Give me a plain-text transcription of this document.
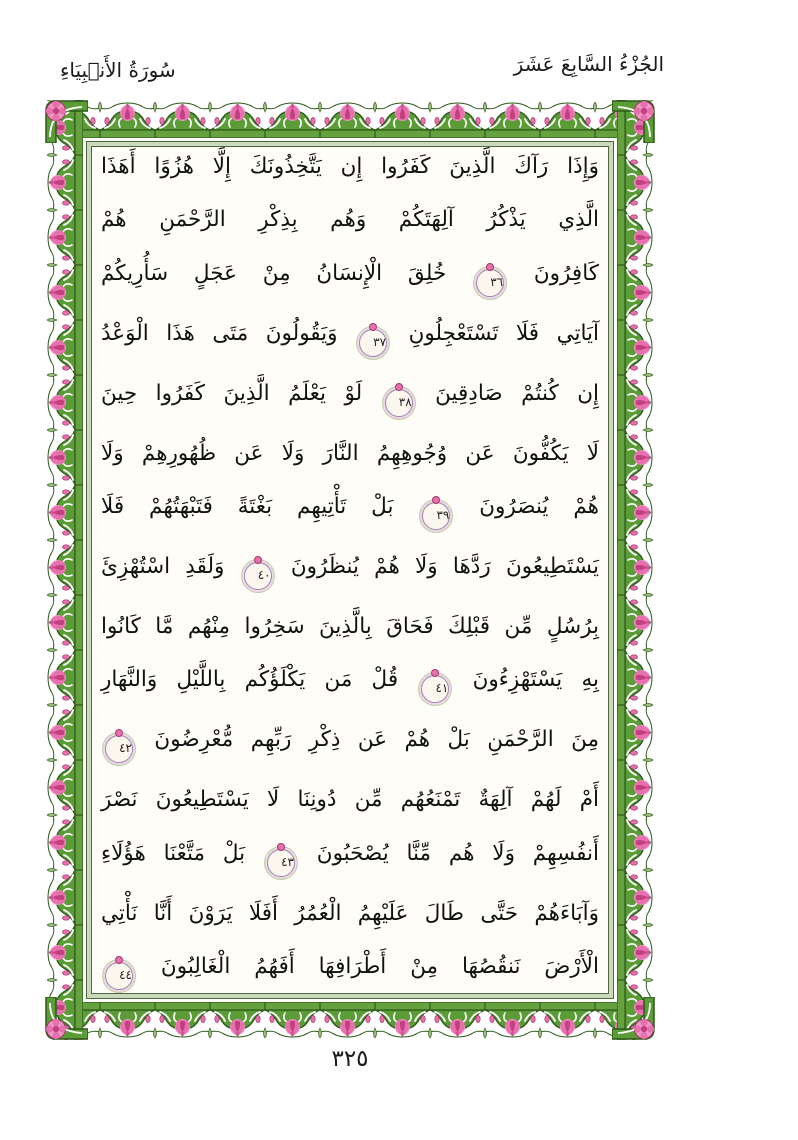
الجُزْءُ السَّابِعَ عَشَرَ
سُورَةُ الأَنۢبِيَاءِ
وَإِذَا رَآكَ الَّذِينَ كَفَرُوا إِن يَتَّخِذُونَكَ إِلَّا هُزُوًا أَهَذَا
الَّذِي يَذْكُرُ آلِهَتَكُمْ وَهُم بِذِكْرِ الرَّحْمَنِ هُمْ
كَافِرُونَ ٣٦ خُلِقَ الْإِنسَانُ مِنْ عَجَلٍ سَأُرِيكُمْ
آيَاتِي فَلَا تَسْتَعْجِلُونِ ٣٧ وَيَقُولُونَ مَتَى هَذَا الْوَعْدُ
إِن كُنتُمْ صَادِقِينَ ٣٨ لَوْ يَعْلَمُ الَّذِينَ كَفَرُوا حِينَ
لَا يَكُفُّونَ عَن وُجُوهِهِمُ النَّارَ وَلَا عَن ظُهُورِهِمْ وَلَا
هُمْ يُنصَرُونَ ٣٩ بَلْ تَأْتِيهِم بَغْتَةً فَتَبْهَتُهُمْ فَلَا
يَسْتَطِيعُونَ رَدَّهَا وَلَا هُمْ يُنظَرُونَ ٤٠ وَلَقَدِ اسْتُهْزِئَ
بِرُسُلٍ مِّن قَبْلِكَ فَحَاقَ بِالَّذِينَ سَخِرُوا مِنْهُم مَّا كَانُوا
بِهِ يَسْتَهْزِءُونَ ٤١ قُلْ مَن يَكْلَؤُكُم بِاللَّيْلِ وَالنَّهَارِ
مِنَ الرَّحْمَنِ بَلْ هُمْ عَن ذِكْرِ رَبِّهِم مُّعْرِضُونَ ٤٢
أَمْ لَهُمْ آلِهَةٌ تَمْنَعُهُم مِّن دُونِنَا لَا يَسْتَطِيعُونَ نَصْرَ
أَنفُسِهِمْ وَلَا هُم مِّنَّا يُصْحَبُونَ ٤٣ بَلْ مَتَّعْنَا هَؤُلَاءِ
وَآبَاءَهُمْ حَتَّى طَالَ عَلَيْهِمُ الْعُمُرُ أَفَلَا يَرَوْنَ أَنَّا نَأْتِي
الْأَرْضَ نَنقُصُهَا مِنْ أَطْرَافِهَا أَفَهُمُ الْغَالِبُونَ ٤٤
٣٢٥
